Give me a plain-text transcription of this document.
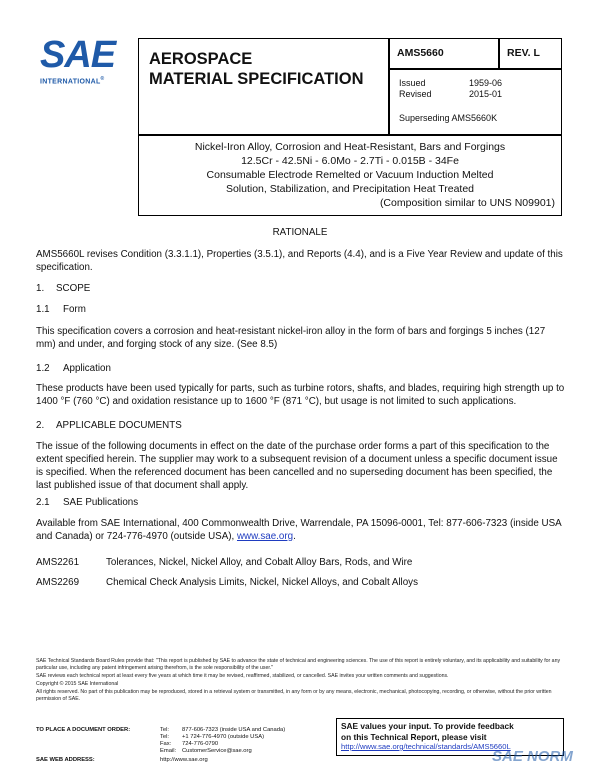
SAE
INTERNATIONAL®
AEROSPACE
MATERIAL SPECIFICATION
AMS5660	REV. L
Issued	1959-06
Revised	2015-01
Superseding AMS5660K
Nickel-Iron Alloy, Corrosion and Heat-Resistant, Bars and Forgings
12.5Cr - 42.5Ni - 6.0Mo - 2.7Ti - 0.015B - 34Fe
Consumable Electrode Remelted or Vacuum Induction Melted
Solution, Stabilization, and Precipitation Heat Treated
(Composition similar to UNS N09901)
RATIONALE
AMS5660L revises Condition (3.3.1.1), Properties (3.5.1), and Reports (4.4), and is a Five Year Review and update of this specification.
1. SCOPE
1.1 Form
This specification covers a corrosion and heat-resistant nickel-iron alloy in the form of bars and forgings 5 inches (127 mm) and under, and forging stock of any size. (See 8.5)
1.2 Application
These products have been used typically for parts, such as turbine rotors, shafts, and blades, requiring high strength up to 1400 °F (760 °C) and oxidation resistance up to 1600 °F (871 °C), but usage is not limited to such applications.
2. APPLICABLE DOCUMENTS
The issue of the following documents in effect on the date of the purchase order forms a part of this specification to the extent specified herein. The supplier may work to a subsequent revision of a document unless a specific document issue is specified. When the referenced document has been cancelled and no superseding document has been specified, the last published issue of that document shall apply.
2.1 SAE Publications
Available from SAE International, 400 Commonwealth Drive, Warrendale, PA 15096-0001, Tel: 877-606-7323 (inside USA and Canada) or 724-776-4970 (outside USA), www.sae.org.
AMS2261	Tolerances, Nickel, Nickel Alloy, and Cobalt Alloy Bars, Rods, and Wire
AMS2269	Chemical Check Analysis Limits, Nickel, Nickel Alloys, and Cobalt Alloys
SAE Technical Standards Board Rules provide that: "This report is published by SAE to advance the state of technical and engineering sciences. The use of this report is entirely voluntary, and its applicability and suitability for any particular use, including any patent infringement arising therefrom, is the sole responsibility of the user."
SAE reviews each technical report at least every five years at which time it may be revised, reaffirmed, stabilized, or cancelled. SAE invites your written comments and suggestions.
Copyright © 2015 SAE International
All rights reserved. No part of this publication may be reproduced, stored in a retrieval system or transmitted, in any form or by any means, electronic, mechanical, photocopying, recording, or otherwise, without the prior written permission of SAE.
TO PLACE A DOCUMENT ORDER:	Tel: 877-606-7323 (inside USA and Canada)
Tel: +1 724-776-4970 (outside USA)
Fax: 724-776-0790
Email: CustomerService@sae.org
SAE WEB ADDRESS:	http://www.sae.org
SAE values your input. To provide feedback
on this Technical Report, please visit
http://www.sae.org/technical/standards/AMS5660L
SAE NORM
